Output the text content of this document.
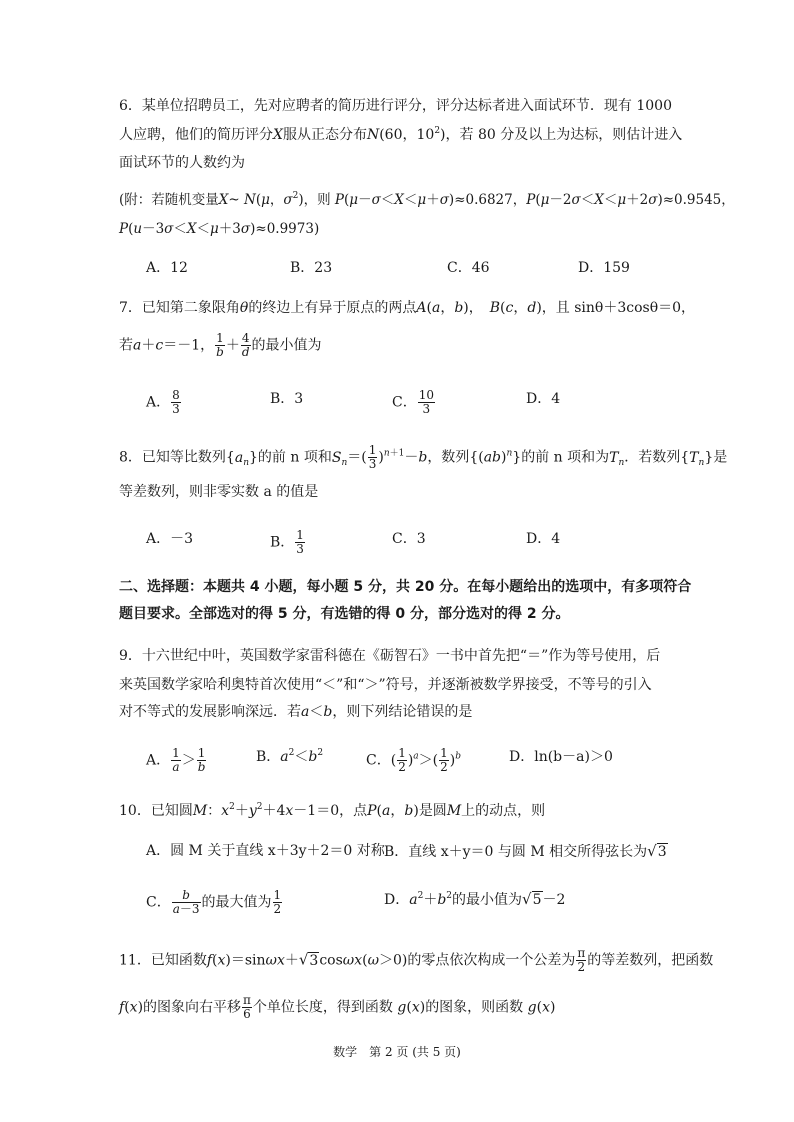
6．某单位招聘员工，先对应聘者的简历进行评分，评分达标者进入面试环节．现有 1000
人应聘，他们的简历评分X服从正态分布N(60，$10^2$)，若 80 分及以上为达标，则估计进入
面试环节的人数约为
(附：若随机变量X~ N(μ，$\sigma^2$)，则 P(μ－σ＜X＜μ＋σ)≈0.6827，P(μ－2σ＜X＜μ＋2σ)≈0.9545，
P(u－3σ＜X＜μ＋3σ)≈0.9973)
A．12	B．23	C．46	D．159
7．已知第二象限角θ的终边上有异于原点的两点A(a，b)，　B(c，d)，且 sinθ＋3cosθ＝0，
若a＋c＝－1， $\frac{1}{b} + \frac{4}{d}$ 的最小值为
A． $\frac{8}{3}$	B．3	C． $\frac{10}{3}$	D．4
8．已知等比数列$\{a_n\}$的前 n 项和$S_n=( \frac{1}{3} )^{n+1}-b$，数列{(ab)$^n$}的前 n 项和为$T_n$．若数列$\{T_n\}$是
等差数列，则非零实数 a 的值是
A．－3	B． $\frac{1}{3}$	C．3	D．4
二、选择题：本题共 4 小题，每小题 5 分，共 20 分。在每小题给出的选项中，有多项符合
题目要求。全部选对的得 5 分，有选错的得 0 分，部分选对的得 2 分。
9．十六世纪中叶，英国数学家雷科德在《砺智石》一书中首先把“＝”作为等号使用，后
来英国数学家哈利奥特首次使用“＜”和“＞”符号，并逐渐被数学界接受，不等号的引入
对不等式的发展影响深远．若a＜b，则下列结论错误的是
A． $\frac{1}{a} > \frac{1}{b}$	B．$a^2<b^2$	C．( $\frac{1}{2} )^a>( \frac{1}{2} )^b$	D．ln(b－a)＞0
10．已知圆M：$x^2+y^2+4x-1=0$，点P(a，b)是圆M上的动点，则
A．圆 M 关于直线 x＋3y＋2＝0 对称 B．直线 x＋y＝0 与圆 M 相交所得弦长为√3
C． $\frac{b}{a-3}$ 的最大值为 $\frac{1}{2}$	D．$a^2+b^2$的最小值为√5－2
11．已知函数f(x)＝sinωx＋√3cosωx(ω＞0)的零点依次构成一个公差为 $\frac{\pi}{2}$ 的等差数列，把函数
f(x)的图象向右平移 $\frac{\pi}{6}$ 个单位长度，得到函数 g(x)的图象，则函数 g(x)
数学　第 2 页 (共 5 页)
